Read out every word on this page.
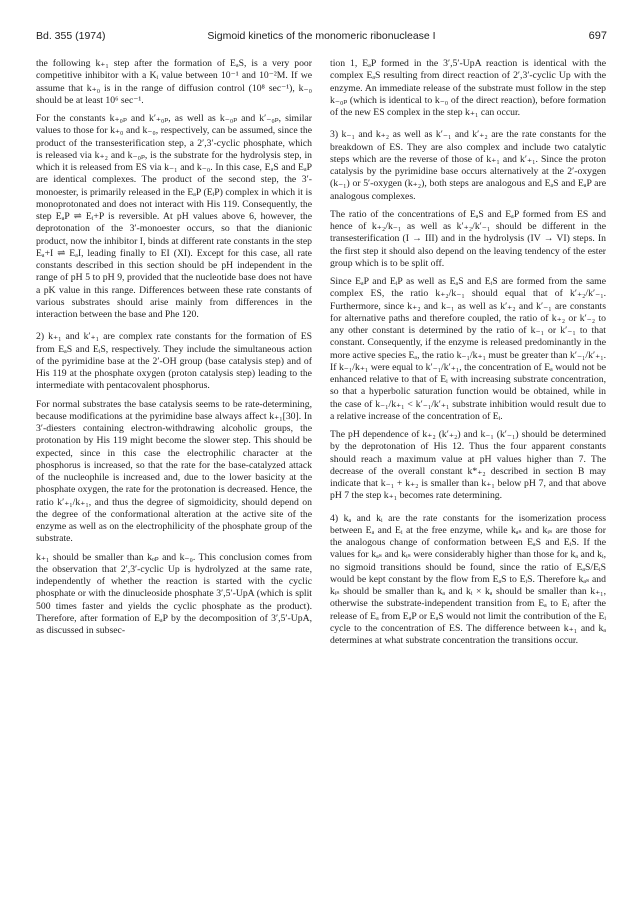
Bd. 355 (1974)	Sigmoid kinetics of the monomeric ribonuclease I	697

the following k₊₁ step after the formation of EₐS, is a very poor competitive inhibitor with a Kᵢ value between 10⁻¹ and 10⁻²M. If we assume that k₊₀ is in the range of diffusion control (10⁸ sec⁻¹), k₋₀ should be at least 10⁶ sec⁻¹.

For the constants k₊₀ₚ and k′₊₀ₚ, as well as k₋₀ₚ and k′₋₀ₚ, similar values to those for k₊₀ and k₋₀, respectively, can be assumed, since the product of the transesterification step, a 2′,3′-cyclic phosphate, which is released via k₊₂ and k₋₀ₚ, is the substrate for the hydrolysis step, in which it is released from ES via k₋₁ and k₋₀. In this case, EₐS and EₐP are identical complexes. The product of the second step, the 3′-monoester, is primarily released in the EₐP (EᵢP) complex in which it is monoprotonated and does not interact with His 119. Consequently, the step EₐP ⇌ Eᵢ+P is reversible. At pH values above 6, however, the deprotonation of the 3′-monoester occurs, so that the dianionic product, now the inhibitor I, binds at different rate constants in the step Eₐ+I ⇌ EₐI, leading finally to EI (XI). Except for this case, all rate constants described in this section should be pH independent in the range of pH 5 to pH 9, provided that the nucleotide base does not have a pK value in this range. Differences between these rate constants of various substrates should arise mainly from differences in the interaction between the base and Phe 120.

2) k₊₁ and k′₊₁ are complex rate constants for the formation of ES from EₐS and EᵢS, respectively. They include the simultaneous action of the pyrimidine base at the 2′-OH group (base catalysis step) and of His 119 at the phosphate oxygen (proton catalysis step) leading to the intermediate with pentacovalent phosphorus.

For normal substrates the base catalysis seems to be rate-determining, because modifications at the pyrimidine base always affect k₊₁[30]. In 3′-diesters containing electron-withdrawing alcoholic groups, the protonation by His 119 might become the slower step. This should be expected, since in this case the electrophilic character at the phosphorus is increased, so that the rate for the base-catalyzed attack of the nucleophile is increased and, due to the lower basicity at the phosphate oxygen, the rate for the protonation is decreased. Hence, the ratio k′₊₁/k₊₁, and thus the degree of sigmoidicity, should depend on the degree of the conformational alteration at the active site of the enzyme as well as on the electrophilicity of the phosphate group of the substrate.

k₊₁ should be smaller than kₒₚ and k₋₀. This conclusion comes from the observation that 2′,3′-cyclic Up is hydrolyzed at the same rate, independently of whether the reaction is started with the cyclic phosphate or with the dinucleoside phosphate 3′,5′-UpA (which is split 500 times faster and yields the cyclic phosphate as the product). Therefore, after formation of EₐP by the decomposition of 3′,5′-UpA, as discussed in subsec-

tion 1, EₐP formed in the 3′,5′-UpA reaction is identical with the complex EₐS resulting from direct reaction of 2′,3′-cyclic Up with the enzyme. An immediate release of the substrate must follow in the step k₋₀ₚ (which is identical to k₋₀ of the direct reaction), before formation of the new ES complex in the step k₊₁ can occur.

3) k₋₁ and k₊₂ as well as k′₋₁ and k′₊₂ are the rate constants for the breakdown of ES. They are also complex and include two catalytic steps which are the reverse of those of k₊₁ and k′₊₁. Since the proton catalysis by the pyrimidine base occurs alternatively at the 2′-oxygen (k₋₁) or 5′-oxygen (k₊₂), both steps are analogous and EₐS and EₐP are analogous complexes.

The ratio of the concentrations of EₐS and EₐP formed from ES and hence of k₊₂/k₋₁ as well as k′₊₂/k′₋₁ should be different in the transesterification (I → III) and in the hydrolysis (IV → VI) steps. In the first step it should also depend on the leaving tendency of the ester group which is to be split off.

Since EₐP and EᵢP as well as EₐS and EᵢS are formed from the same complex ES, the ratio k₊₂/k₋₁ should equal that of k′₊₂/k′₋₁. Furthermore, since k₊₂ and k₋₁ as well as k′₊₂ and k′₋₁ are constants for alternative paths and therefore coupled, the ratio of k₊₂ or k′₋₂ to any other constant is determined by the ratio of k₋₁ or k′₋₁ to that constant. Consequently, if the enzyme is released predominantly in the more active species Eₐ, the ratio k₋₁/k₊₁ must be greater than k′₋₁/k′₊₁. If k₋₁/k₊₁ were equal to k′₋₁/k′₊₁, the concentration of Eₐ would not be enhanced relative to that of Eᵢ with increasing substrate concentration, so that a hyperbolic saturation function would be obtained, while in the case of k₋₁/k₊₁ < k′₋₁/k′₊₁ substrate inhibition would result due to a relative increase of the concentration of Eᵢ.

The pH dependence of k₊₂ (k′₊₂) and k₋₁ (k′₋₁) should be determined by the deprotonation of His 12. Thus the four apparent constants should reach a maximum value at pH values higher than 7. The decrease of the overall constant k*₊₂ described in section B may indicate that k₋₁ + k₊₂ is smaller than k₊₁ below pH 7, and that above pH 7 the step k₊₁ becomes rate determining.

4) kₐ and kᵢ are the rate constants for the isomerization process between Eₐ and Eᵢ at the free enzyme, while kₐₛ and kᵢₛ are those for the analogous change of conformation between EₐS and EᵢS. If the values for kₐₛ and kᵢₛ were considerably higher than those for kₐ and kᵢ, no sigmoid transitions should be found, since the ratio of EₐS/EᵢS would be kept constant by the flow from EₐS to EᵢS. Therefore kₐₛ and kᵢₛ should be smaller than kₐ and kᵢ × kₐ should be smaller than k₊₁, otherwise the substrate-independent transition from Eₐ to Eᵢ after the release of Eₐ from EₐP or EₐS would not limit the contribution of the Eᵢ cycle to the concentration of ES. The difference between k₊₁ and kₐ determines at what substrate concentration the transitions occur.
